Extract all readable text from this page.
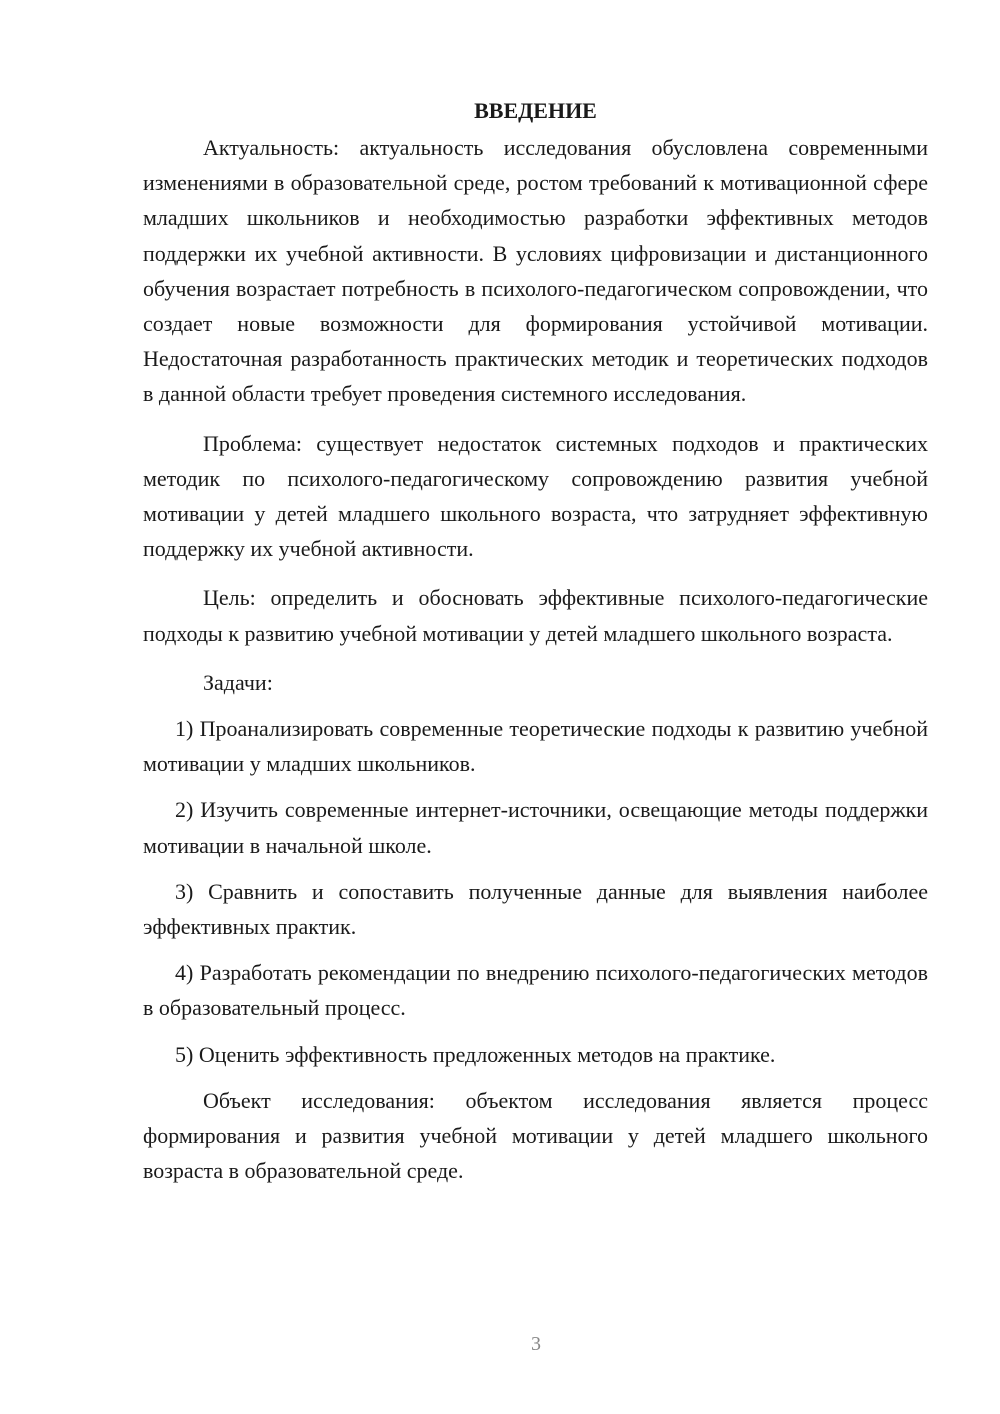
ВВЕДЕНИЕ

Актуальность: актуальность исследования обусловлена современными изменениями в образовательной среде, ростом требований к мотивационной сфере младших школьников и необходимостью разработки эффективных методов поддержки их учебной активности. В условиях цифровизации и дистанционного обучения возрастает потребность в психолого-педагогическом сопровождении, что создает новые возможности для формирования устойчивой мотивации. Недостаточная разработанность практических методик и теоретических подходов в данной области требует проведения системного исследования.

Проблема: существует недостаток системных подходов и практических методик по психолого-педагогическому сопровождению развития учебной мотивации у детей младшего школьного возраста, что затрудняет эффективную поддержку их учебной активности.

Цель: определить и обосновать эффективные психолого-педагогические подходы к развитию учебной мотивации у детей младшего школьного возраста.

Задачи:

1) Проанализировать современные теоретические подходы к развитию учебной мотивации у младших школьников.

2) Изучить современные интернет-источники, освещающие методы поддержки мотивации в начальной школе.

3) Сравнить и сопоставить полученные данные для выявления наиболее эффективных практик.

4) Разработать рекомендации по внедрению психолого-педагогических методов в образовательный процесс.

5) Оценить эффективность предложенных методов на практике.

Объект исследования: объектом исследования является процесс формирования и развития учебной мотивации у детей младшего школьного возраста в образовательной среде.

3
